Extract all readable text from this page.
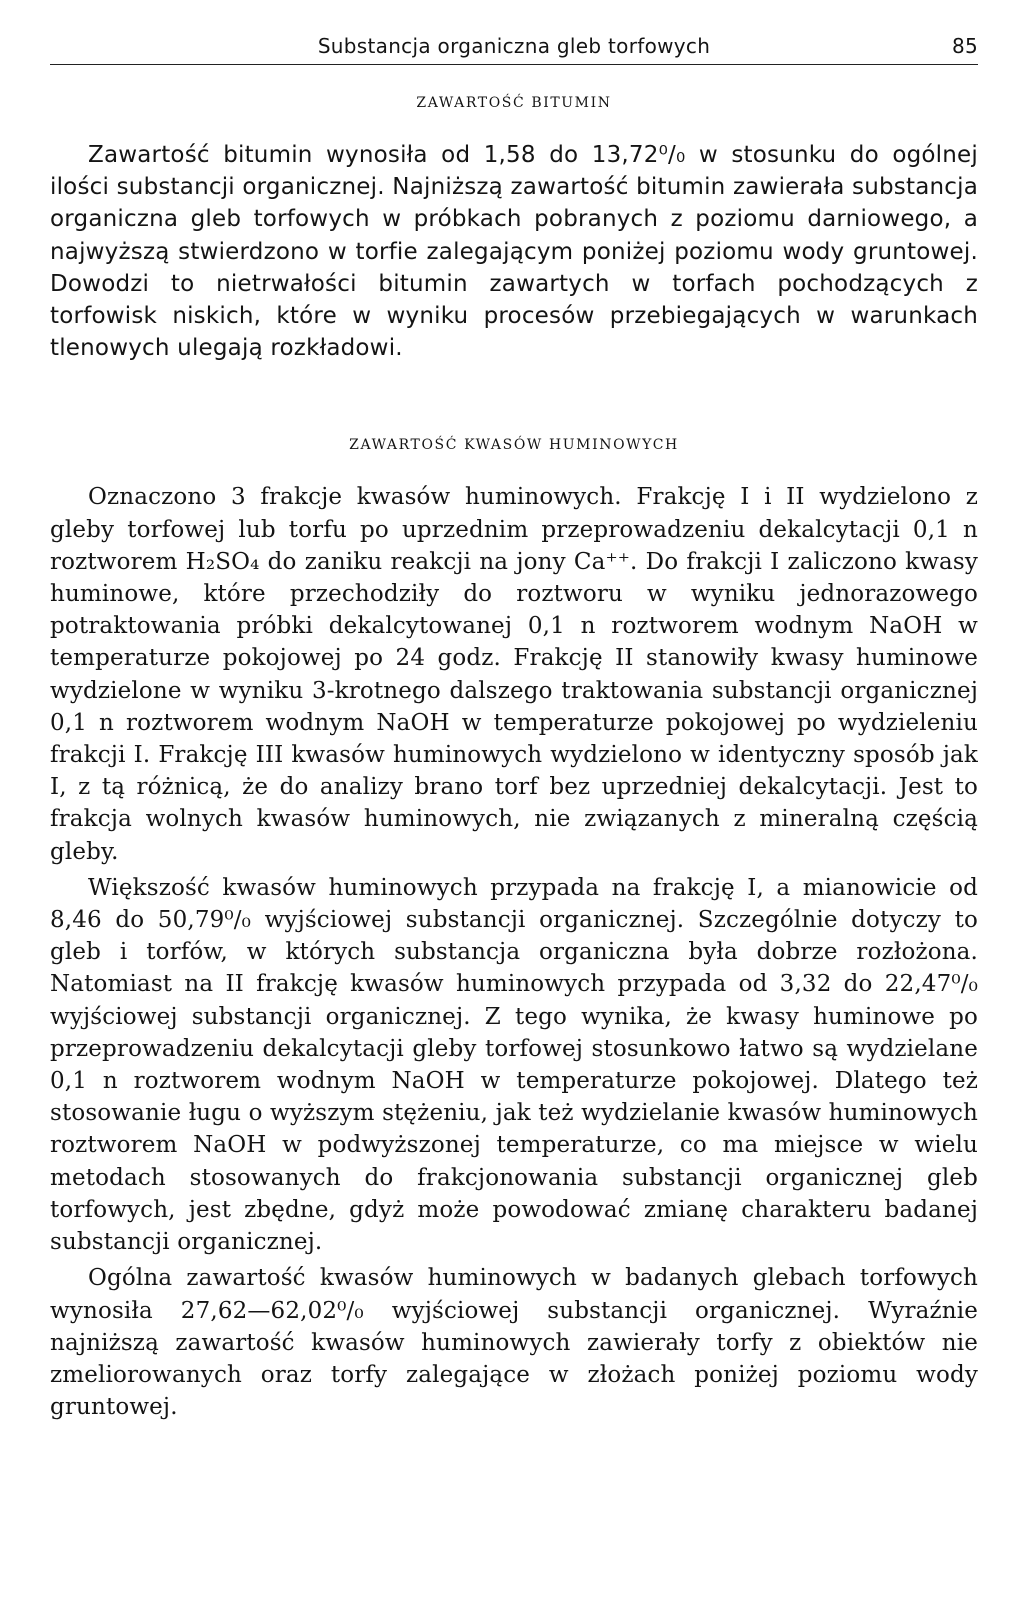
Substancja organiczna gleb torfowych	85
ZAWARTOŚĆ BITUMIN

Zawartość bitumin wynosiła od 1,58 do 13,72⁰/₀ w stosunku do ogólnej ilości substancji organicznej. Najniższą zawartość bitumin zawierała substancja organiczna gleb torfowych w próbkach pobranych z poziomu darniowego, a najwyższą stwierdzono w torfie zalegającym poniżej poziomu wody gruntowej. Dowodzi to nietrwałości bitumin zawartych w torfach pochodzących z torfowisk niskich, które w wyniku procesów przebiegających w warunkach tlenowych ulegają rozkładowi.

ZAWARTOŚĆ KWASÓW HUMINOWYCH

Oznaczono 3 frakcje kwasów huminowych. Frakcję I i II wydzielono z gleby torfowej lub torfu po uprzednim przeprowadzeniu dekalcytacji 0,1 n roztworem H₂SO₄ do zaniku reakcji na jony Ca⁺⁺. Do frakcji I zaliczono kwasy huminowe, które przechodziły do roztworu w wyniku jednorazowego potraktowania próbki dekalcytowanej 0,1 n roztworem wodnym NaOH w temperaturze pokojowej po 24 godz. Frakcję II stanowiły kwasy huminowe wydzielone w wyniku 3-krotnego dalszego traktowania substancji organicznej 0,1 n roztworem wodnym NaOH w temperaturze pokojowej po wydzieleniu frakcji I. Frakcję III kwasów huminowych wydzielono w identyczny sposób jak I, z tą różnicą, że do analizy brano torf bez uprzedniej dekalcytacji. Jest to frakcja wolnych kwasów huminowych, nie związanych z mineralną częścią gleby.

Większość kwasów huminowych przypada na frakcję I, a mianowicie od 8,46 do 50,79⁰/₀ wyjściowej substancji organicznej. Szczególnie dotyczy to gleb i torfów, w których substancja organiczna była dobrze rozłożona. Natomiast na II frakcję kwasów huminowych przypada od 3,32 do 22,47⁰/₀ wyjściowej substancji organicznej. Z tego wynika, że kwasy huminowe po przeprowadzeniu dekalcytacji gleby torfowej stosunkowo łatwo są wydzielane 0,1 n roztworem wodnym NaOH w temperaturze pokojowej. Dlatego też stosowanie ługu o wyższym stężeniu, jak też wydzielanie kwasów huminowych roztworem NaOH w podwyższonej temperaturze, co ma miejsce w wielu metodach stosowanych do frakcjonowania substancji organicznej gleb torfowych, jest zbędne, gdyż może powodować zmianę charakteru badanej substancji organicznej.

Ogólna zawartość kwasów huminowych w badanych glebach torfowych wynosiła 27,62—62,02⁰/₀ wyjściowej substancji organicznej. Wyraźnie najniższą zawartość kwasów huminowych zawierały torfy z obiektów nie zmeliorowanych oraz torfy zalegające w złożach poniżej poziomu wody gruntowej.
